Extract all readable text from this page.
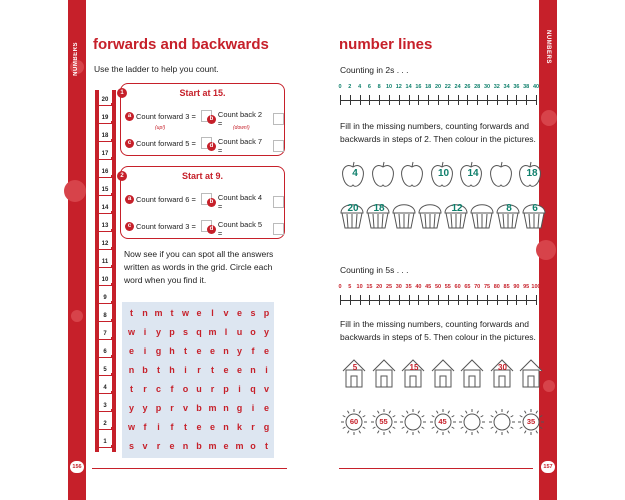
NUMBERS
156
forwards and backwards
Use the ladder to help you count.
Start at 15.
a Count forward 3 =	b Count back 2 =
(up!)	(down!)
c Count forward 5 =	d Count back 7 =
1
Start at 9.
a Count forward 6 =	b Count back 4 =
c Count forward 3 =	d Count back 5 =
2
Now see if you can spot all the answers written as words in the grid. Circle each word when you find it.
t	n m t w e	l	v e s p
w i	y p s q m l	u o y
e	i	g h	t	e e n y	f	e
n b	t	h	i	r	t	e e n	i
t	r	c	f	o u r	p	i	q v
y y p r	v b m n g	i	e
w f	i	f	t	e e n k	r	g
s v	r	e n b m e m o	t
20
19
18
17
16
15
14
13
12
11
10
9
8
7
6
5
4
3
2
1
NUMBERS
157
number lines
Counting in 2s . . .
Fill in the missing numbers, counting forwards and backwards in steps of 2. Then colour in the pictures.
Counting in 5s . . .
Fill in the missing numbers, counting forwards and backwards in steps of 5. Then colour in the pictures.
0	2	4	6	8 10 12 14 16 18 20 22 24 26 28 30 32 34 36 38 40
0	5 10 15 20 25 30 35 40 45 50 55 60 65 70 75 80 85 90 95 100
4	10	14	18
20	18	12	8	6
5	15	30
60	55	45	35
